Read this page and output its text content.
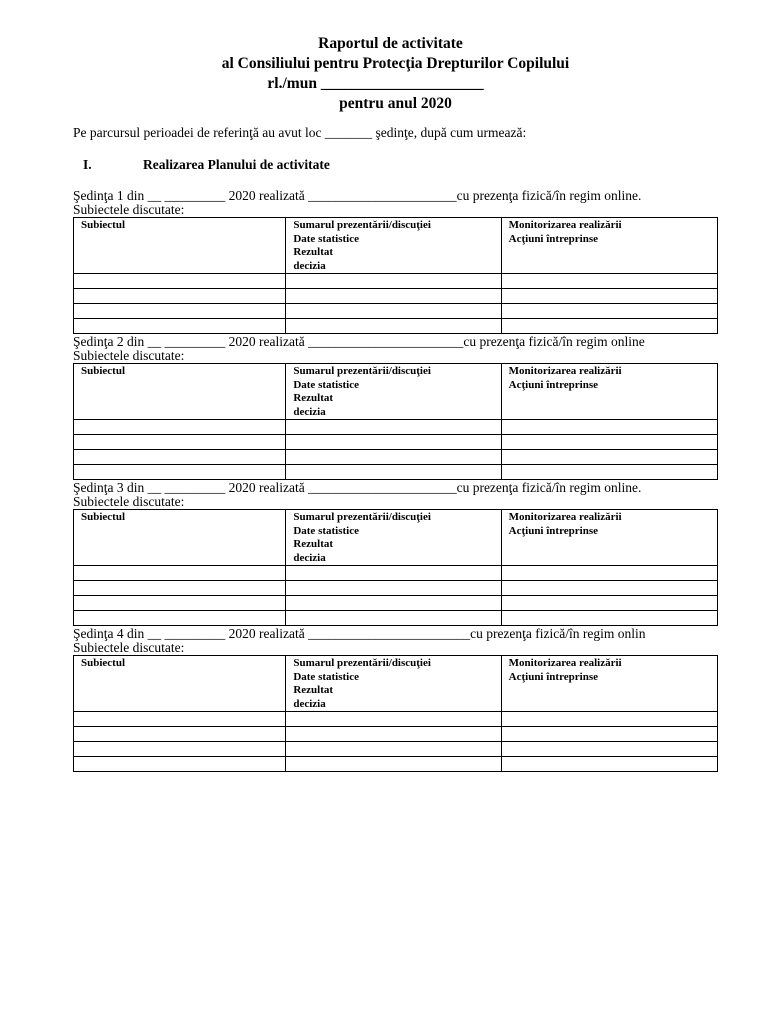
Raportul de activitate
al Consiliului pentru Protecţia Drepturilor Copilului
rl./mun _____________________
pentru anul 2020
Pe parcursul perioadei de referinţă au avut loc _______ şedinţe, după cum urmează:
I.	Realizarea Planului de activitate
Şedinţa 1 din __ _________ 2020 realizată ______________________cu prezenţa fizică/în regim online.
Subiectele discutate:
Subiectul	Sumarul prezentării/discuţiei
Date statistice
Rezultat
decizia	Monitorizarea realizării
Acţiuni întreprinse

Şedinţa 2 din __ _________ 2020 realizată _______________________cu prezenţa fizică/în regim online
Subiectele discutate:
Subiectul	Sumarul prezentării/discuţiei
Date statistice
Rezultat
decizia	Monitorizarea realizării
Acţiuni întreprinse

Şedinţa 3 din __ _________ 2020 realizată ______________________cu prezenţa fizică/în regim online.
Subiectele discutate:
Subiectul	Sumarul prezentării/discuţiei
Date statistice
Rezultat
decizia	Monitorizarea realizării
Acţiuni întreprinse

Şedinţa 4 din __ _________ 2020 realizată ________________________cu prezenţa fizică/în regim onlin
Subiectele discutate:
Subiectul	Sumarul prezentării/discuţiei
Date statistice
Rezultat
decizia	Monitorizarea realizării
Acţiuni întreprinse
